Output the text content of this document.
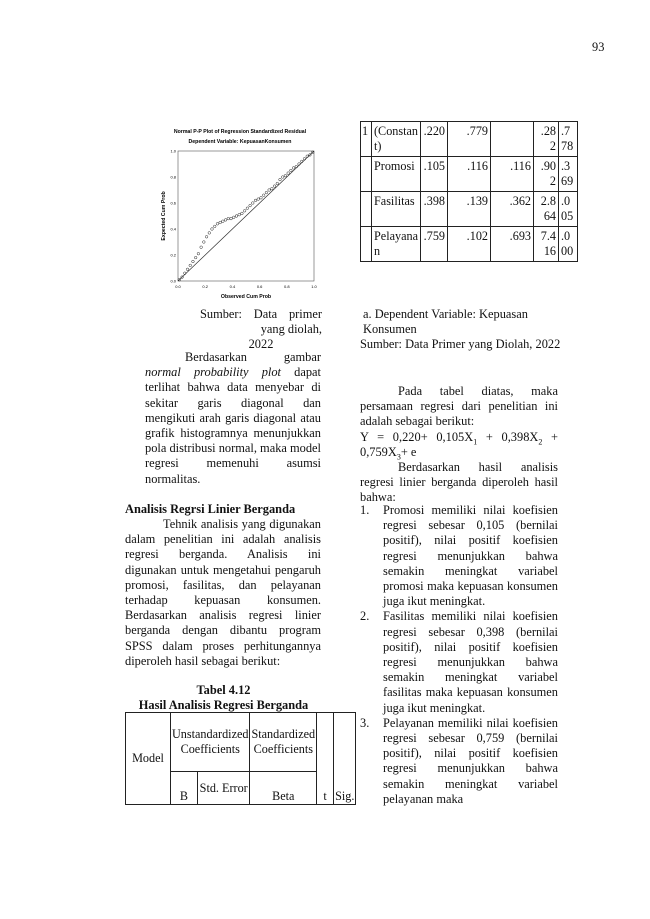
93
Normal P-P Plot of Regression Standardized Residual
Dependent Variable: KepuasanKonsumen
0.0
0.0
0.2
0.2
0.4
0.4
0.6
0.6
0.8
0.8
1.0
1.0
Observed Cum Prob
Expected Cum Prob
Sumber: Data primer yang diolah,
2022
Berdasarkan gambar normal probability plot dapat terlihat bahwa data menyebar di sekitar garis diagonal dan mengikuti arah garis diagonal atau grafik histogramnya menunjukkan pola distribusi normal, maka model regresi memenuhi asumsi normalitas.
Analisis Regrsi Linier Berganda
Tehnik analisis yang digunakan dalam penelitian ini adalah analisis regresi berganda. Analisis ini digunakan untuk mengetahui pengaruh promosi, fasilitas, dan pelayanan terhadap kepuasan konsumen. Berdasarkan analisis regresi linier berganda dengan dibantu program SPSS dalam proses perhitungannya diperoleh hasil sebagai berikut:
Tabel 4.12
Hasil Analisis Regresi Berganda
Model	Unstandardized Coefficients		Standardized Coefficients	t	Sig.
	B	Std. Error	Beta		
1	(Constant)	.220	.779		.282	.778
	Promosi	.105	.116	.116	.902	.369
	Fasilitas	.398	.139	.362	2.864	.005
	Pelayanan	.759	.102	.693	7.416	.000
a. Dependent Variable: Kepuasan Konsumen
Sumber: Data Primer yang Diolah, 2022
Pada tabel diatas, maka persamaan regresi dari penelitian ini adalah sebagai berikut:
$Y = 0,220+ 0,105X_1 + 0,398X_2 + 0,759X_3+ e$
Berdasarkan hasil analisis regresi linier berganda diperoleh hasil bahwa:
1. Promosi memiliki nilai koefisien regresi sebesar 0,105 (bernilai positif), nilai positif koefisien regresi menunjukkan bahwa semakin meningkat variabel promosi maka kepuasan konsumen juga ikut meningkat.
2. Fasilitas memiliki nilai koefisien regresi sebesar 0,398 (bernilai positif), nilai positif koefisien regresi menunjukkan bahwa semakin meningkat variabel fasilitas maka kepuasan konsumen juga ikut meningkat.
3. Pelayanan memiliki nilai koefisien regresi sebesar 0,759 (bernilai positif), nilai positif koefisien regresi menunjukkan bahwa semakin meningkat variabel pelayanan maka
